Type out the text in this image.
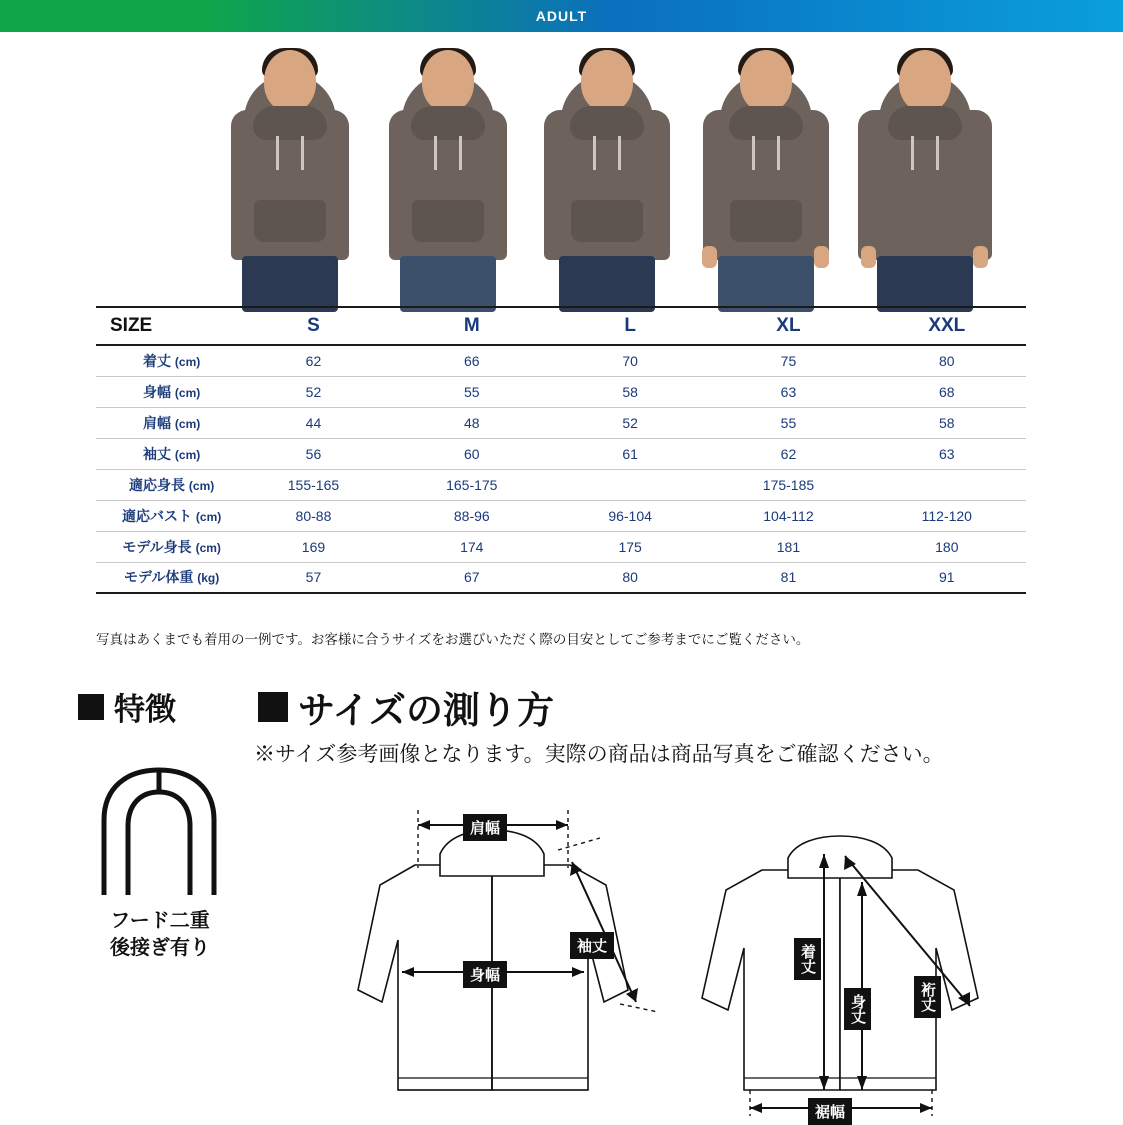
ADULT
SIZE	S	M	L	XL	XXL
着丈 (cm)	62	66	70	75	80
身幅 (cm)	52	55	58	63	68
肩幅 (cm)	44	48	52	55	58
袖丈 (cm)	56	60	61	62	63
適応身長 (cm)	155-165	165-175	175-185		
適応バスト (cm)	80-88	88-96	96-104	104-112	112-120
モデル身長 (cm)	169	174	175	181	180
モデル体重 (kg)	57	67	80	81	91
写真はあくまでも着用の一例です。お客様に合うサイズをお選びいただく際の目安としてご参考までにご覧ください。
特徴
フード二重
後接ぎ有り
サイズの測り方
※サイズ参考画像となります。実際の商品は商品写真をご確認ください。
肩幅
袖丈
身幅
着丈
身丈	裄丈
裾幅
